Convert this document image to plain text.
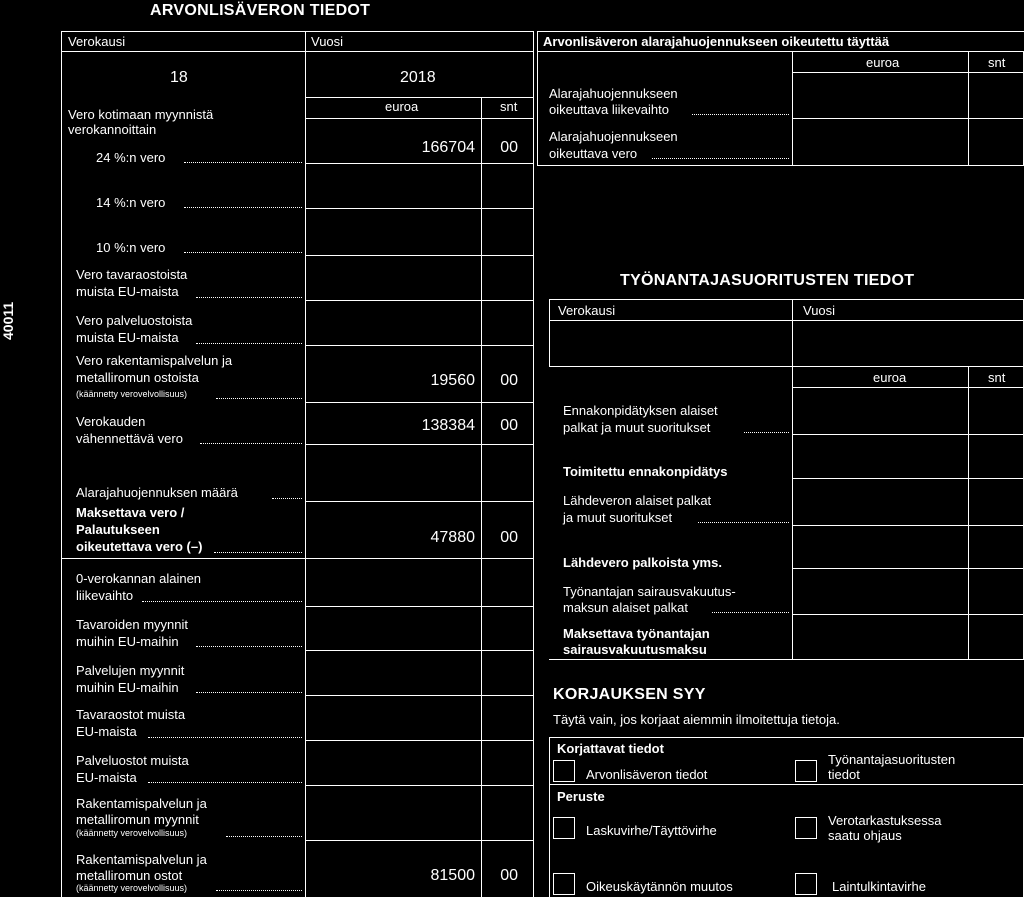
40011
ARVONLISÄVERON TIEDOT
Verokausi	Vuosi
18	2018
euroa	snt
Vero kotimaan myynnistä verokannoittain
24 %:n vero
166704	00
14 %:n vero
10 %:n vero
Vero tavaraostoista
muista EU-maista
Vero palveluostoista
muista EU-maista
Vero rakentamispalvelun ja
metalliromun ostoista
(käännetty verovelvollisuus)
19560	00
Verokauden
vähennettävä vero
138384	00
Alarajahuojennuksen määrä
Maksettava vero /
Palautukseen
oikeutettava vero (–)
47880	00
0-verokannan alainen
liikevaihto
Tavaroiden myynnit
muihin EU-maihin
Palvelujen myynnit
muihin EU-maihin
Tavaraostot muista
EU-maista
Palveluostot muista
EU-maista
Rakentamispalvelun ja
metalliromun myynnit
(käännetty verovelvollisuus)
Rakentamispalvelun ja
metalliromun ostot
(käännetty verovelvollisuus)
81500	00
Arvonlisäveron alarajahuojennukseen oikeutettu täyttää
euroa	snt
Alarajahuojennukseen
oikeuttava liikevaihto
Alarajahuojennukseen
oikeuttava vero
TYÖNANTAJASUORITUSTEN TIEDOT
Verokausi	Vuosi
euroa	snt
Ennakonpidätyksen alaiset
palkat ja muut suoritukset
Toimitettu ennakonpidätys
Lähdeveron alaiset palkat
ja muut suoritukset
Lähdevero palkoista yms.
Työnantajan sairausvakuutus-
maksun alaiset palkat
Maksettava työnantajan
sairausvakuutusmaksu
KORJAUKSEN SYY
Täytä vain, jos korjaat aiemmin ilmoitettuja tietoja.
Korjattavat tiedot
Arvonlisäveron tiedot
Työnantajasuoritusten
tiedot
Peruste
Laskuvirhe/Täyttövirhe
Verotarkastuksessa
saatu ohjaus
Oikeuskäytännön muutos	Laintulkintavirhe
